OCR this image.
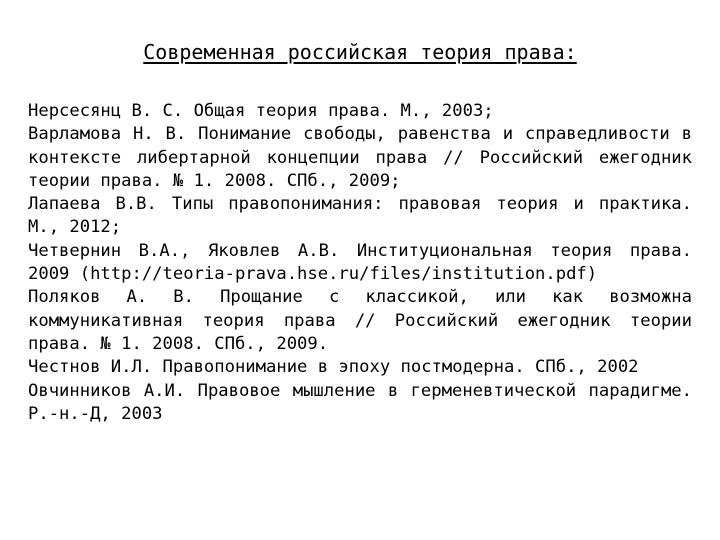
Современная российская теория права:
Нерсесянц В. С. Общая теория права. М., 2003;
Варламова Н. В. Понимание свободы, равенства и справедливости в контексте либертарной концепции права // Российский ежегодник теории права. № 1. 2008. СПб., 2009;
Лапаева В.В. Типы правопонимания: правовая теория и практика. М., 2012;
Четвернин В.А., Яковлев А.В. Институциональная теория права. 2009 (http://teoria-prava.hse.ru/files/institution.pdf)
Поляков А. В. Прощание с классикой, или как возможна коммуникативная теория права // Российский ежегодник теории права. № 1. 2008. СПб., 2009.
Честнов И.Л. Правопонимание в эпоху постмодерна. СПб., 2002
Овчинников А.И. Правовое мышление в герменевтической парадигме. Р.-н.-Д, 2003
